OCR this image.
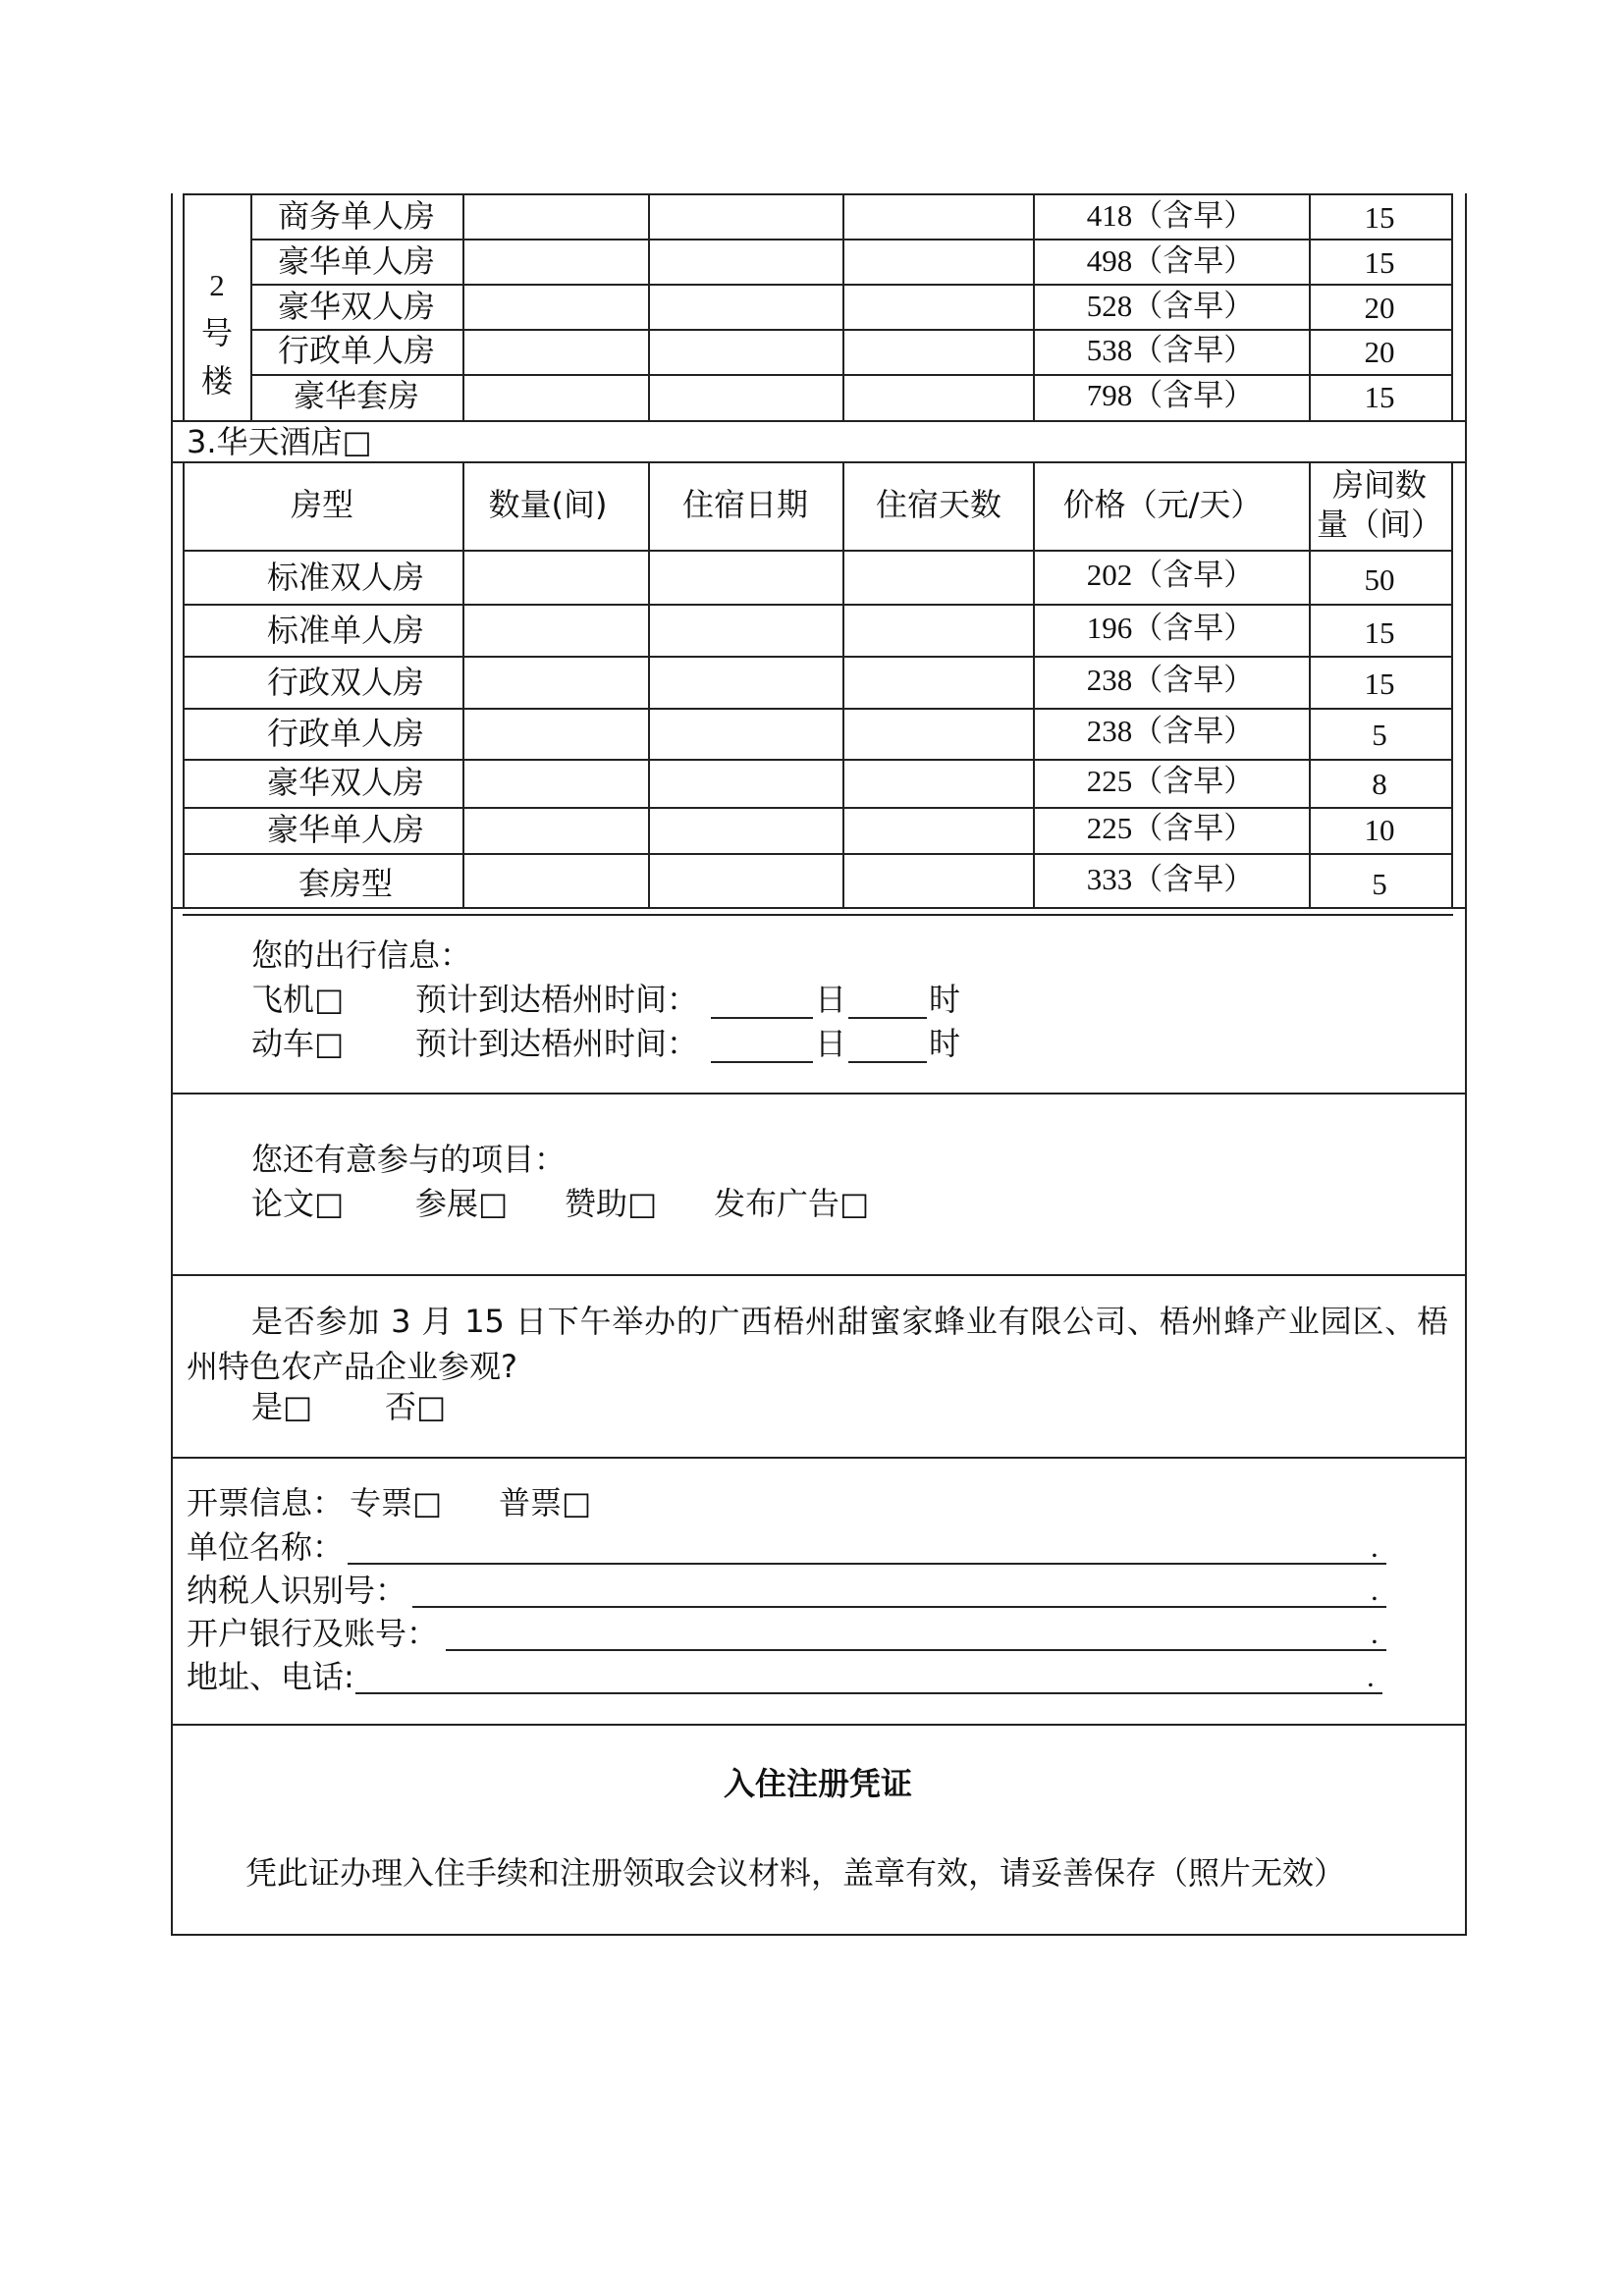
2
号
楼
商务单人房	418（含早）	15
豪华单人房	498（含早）	15
豪华双人房	528（含早）	20
行政单人房	538（含早）	20
豪华套房	798（含早）	15
3.华天酒店□
房型	数量(间) 住宿日期 住宿天数 价格（元/天）
房间数
量（间）
标准双人房	202（含早）	50
标准单人房	196（含早）	15
行政双人房	238（含早）	15
行政单人房	238（含早）	5
豪华双人房	225（含早）	8
豪华单人房	225（含早）	10
套房型	333（含早）	5
您的出行信息：
飞机□ 预计到达梧州时间：	日	时
动车□ 预计到达梧州时间：	日	时
您还有意参与的项目：
论文□ 参展□ 赞助□ 发布广告□
是否参加 3 月 15 日下午举办的广西梧州甜蜜家蜂业有限公司、梧州蜂产业园区、梧州特色农产品企业参观?
是□ 否□
开票信息： 专票□ 普票□
单位名称：	.
纳税人识别号：	.
开户银行及账号：	.
地址、电话:	.
入住注册凭证
凭此证办理入住手续和注册领取会议材料，盖章有效，请妥善保存（照片无效）
